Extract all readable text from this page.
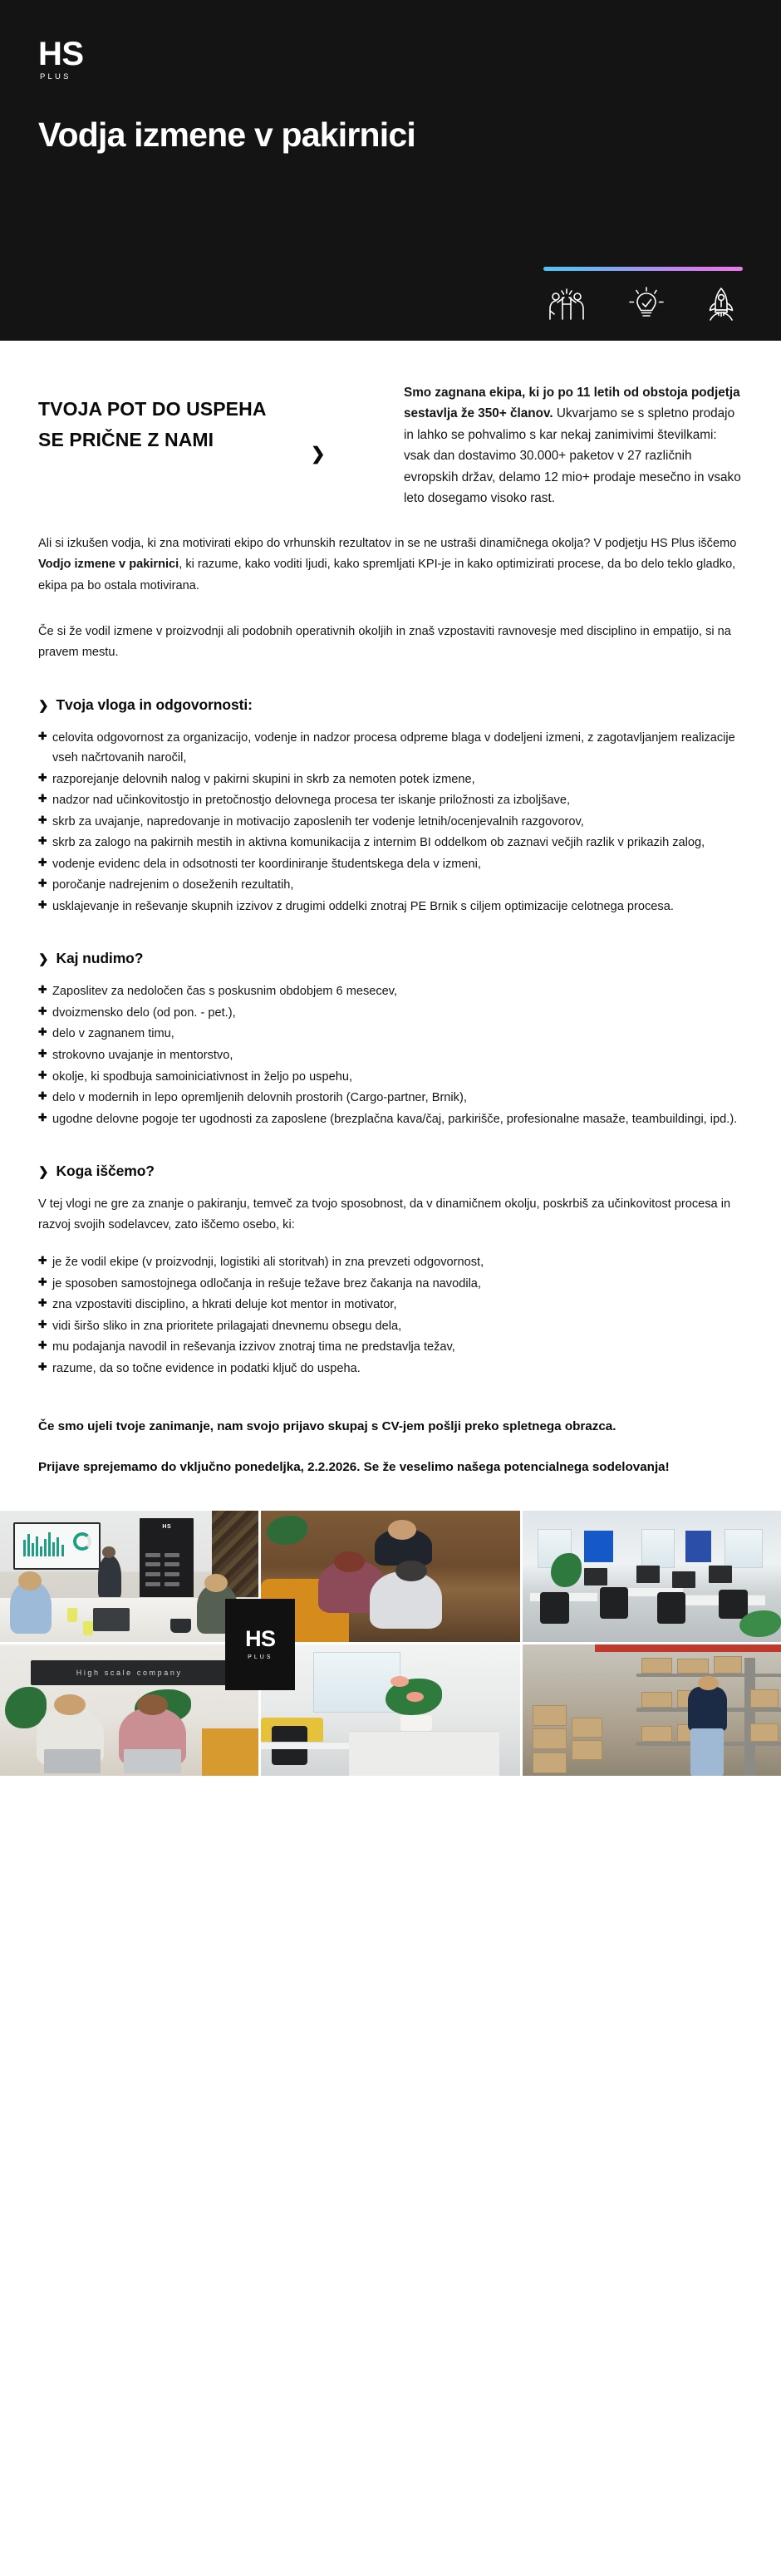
HS
PLUS
Vodja izmene v pakirnici
TVOJA POT DO USPEHA SE PRIČNE Z NAMI
❯
Smo zagnana ekipa, ki jo po 11 letih od obstoja podjetja sestavlja že 350+ članov. Ukvarjamo se s spletno prodajo in lahko se pohvalimo s kar nekaj zanimivimi številkami: vsak dan dostavimo 30.000+ paketov v 27 različnih evropskih držav, delamo 12 mio+ prodaje mesečno in vsako leto dosegamo visoko rast.

Ali si izkušen vodja, ki zna motivirati ekipo do vrhunskih rezultatov in se ne ustraši dinamičnega okolja? V podjetju HS Plus iščemo Vodjo izmene v pakirnici, ki razume, kako voditi ljudi, kako spremljati KPI-je in kako optimizirati procese, da bo delo teklo gladko, ekipa pa bo ostala motivirana.

Če si že vodil izmene v proizvodnji ali podobnih operativnih okoljih in znaš vzpostaviti ravnovesje med disciplino in empatijo, si na pravem mestu.

❯ Tvoja vloga in odgovornosti:
✚ celovita odgovornost za organizacijo, vodenje in nadzor procesa odpreme blaga v dodeljeni izmeni, z zagotavljanjem realizacije vseh načrtovanih naročil,
✚ razporejanje delovnih nalog v pakirni skupini in skrb za nemoten potek izmene,
✚ nadzor nad učinkovitostjo in pretočnostjo delovnega procesa ter iskanje priložnosti za izboljšave,
✚ skrb za uvajanje, napredovanje in motivacijo zaposlenih ter vodenje letnih/ocenjevalnih razgovorov,
✚ skrb za zalogo na pakirnih mestih in aktivna komunikacija z internim BI oddelkom ob zaznavi večjih razlik v prikazih zalog,
✚ vodenje evidenc dela in odsotnosti ter koordiniranje študentskega dela v izmeni,
✚ poročanje nadrejenim o doseženih rezultatih,
✚ usklajevanje in reševanje skupnih izzivov z drugimi oddelki znotraj PE Brnik s ciljem optimizacije celotnega procesa.
❯ Kaj nudimo?
✚ Zaposlitev za nedoločen čas s poskusnim obdobjem 6 mesecev,
✚ dvoizmensko delo (od pon. - pet.),
✚ delo v zagnanem timu,
✚ strokovno uvajanje in mentorstvo,
✚ okolje, ki spodbuja samoiniciativnost in željo po uspehu,
✚ delo v modernih in lepo opremljenih delovnih prostorih (Cargo-partner, Brnik),
✚ ugodne delovne pogoje ter ugodnosti za zaposlene (brezplačna kava/čaj, parkirišče, profesionalne masaže, teambuildingi, ipd.).
❯ Koga iščemo?

V tej vlogi ne gre za znanje o pakiranju, temveč za tvojo sposobnost, da v dinamičnem okolju, poskrbiš za učinkovitost procesa in razvoj svojih sodelavcev, zato iščemo osebo, ki:

✚ je že vodil ekipe (v proizvodnji, logistiki ali storitvah) in zna prevzeti odgovornost,
✚ je sposoben samostojnega odločanja in rešuje težave brez čakanja na navodila,
✚ zna vzpostaviti disciplino, a hkrati deluje kot mentor in motivator,
✚ vidi širšo sliko in zna prioritete prilagajati dnevnemu obsegu dela,
✚ mu podajanja navodil in reševanja izzivov znotraj tima ne predstavlja težav,
✚ razume, da so točne evidence in podatki ključ do uspeha.

Če smo ujeli tvoje zanimanje, nam svojo prijavo skupaj s CV-jem pošlji preko spletnega obrazca.

Prijave sprejemamo do vključno ponedeljka, 2.2.2026. Se že veselimo našega potencialnega sodelovanja!

HS
High scale company
HS
PLUS
